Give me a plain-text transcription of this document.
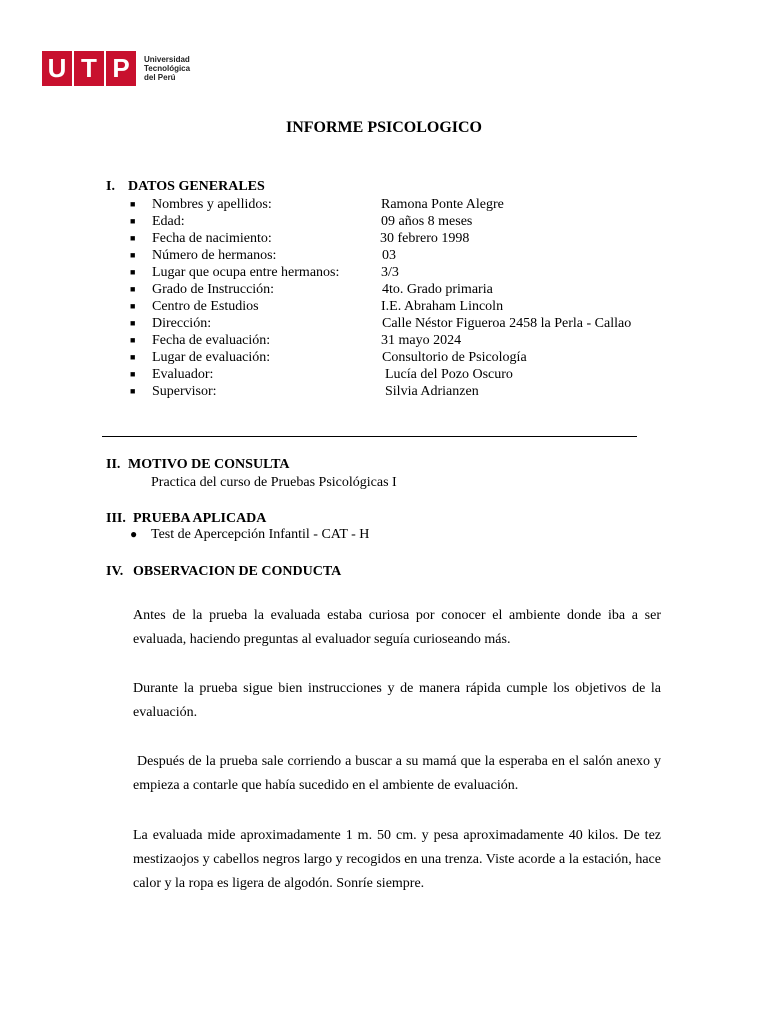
U T P	Universidad
Tecnológica
del Perú
INFORME PSICOLOGICO
I. DATOS GENERALES
■ Nombres y apellidos:	Ramona Ponte Alegre
■ Edad:	09 años 8 meses
■ Fecha de nacimiento:	30 febrero 1998
■ Número de hermanos:	03
■ Lugar que ocupa entre hermanos:	3/3
■ Grado de Instrucción:	4to. Grado primaria
■ Centro de Estudios	I.E. Abraham Lincoln
■ Dirección:	Calle Néstor Figueroa 2458 la Perla - Callao
■ Fecha de evaluación:	31 mayo 2024
■ Lugar de evaluación:	Consultorio de Psicología
■ Evaluador:	Lucía del Pozo Oscuro
■ Supervisor:	Silvia Adrianzen
II. MOTIVO DE CONSULTA
Practica del curso de Pruebas Psicológicas I
III. PRUEBA APLICADA
● Test de Apercepción Infantil - CAT - H
IV. OBSERVACION DE CONDUCTA
Antes de la prueba la evaluada estaba curiosa por conocer el ambiente donde iba a ser evaluada, haciendo preguntas al evaluador seguía curioseando más.
Durante la prueba sigue bien instrucciones y de manera rápida cumple los objetivos de la evaluación.
Después de la prueba sale corriendo a buscar a su mamá que la esperaba en el salón anexo y empieza a contarle que había sucedido en el ambiente de evaluación.
La evaluada mide aproximadamente 1 m. 50 cm. y pesa aproximadamente 40 kilos. De tez mestizaojos y cabellos negros largo y recogidos en una trenza. Viste acorde a la estación, hace calor y la ropa es ligera de algodón. Sonríe siempre.
